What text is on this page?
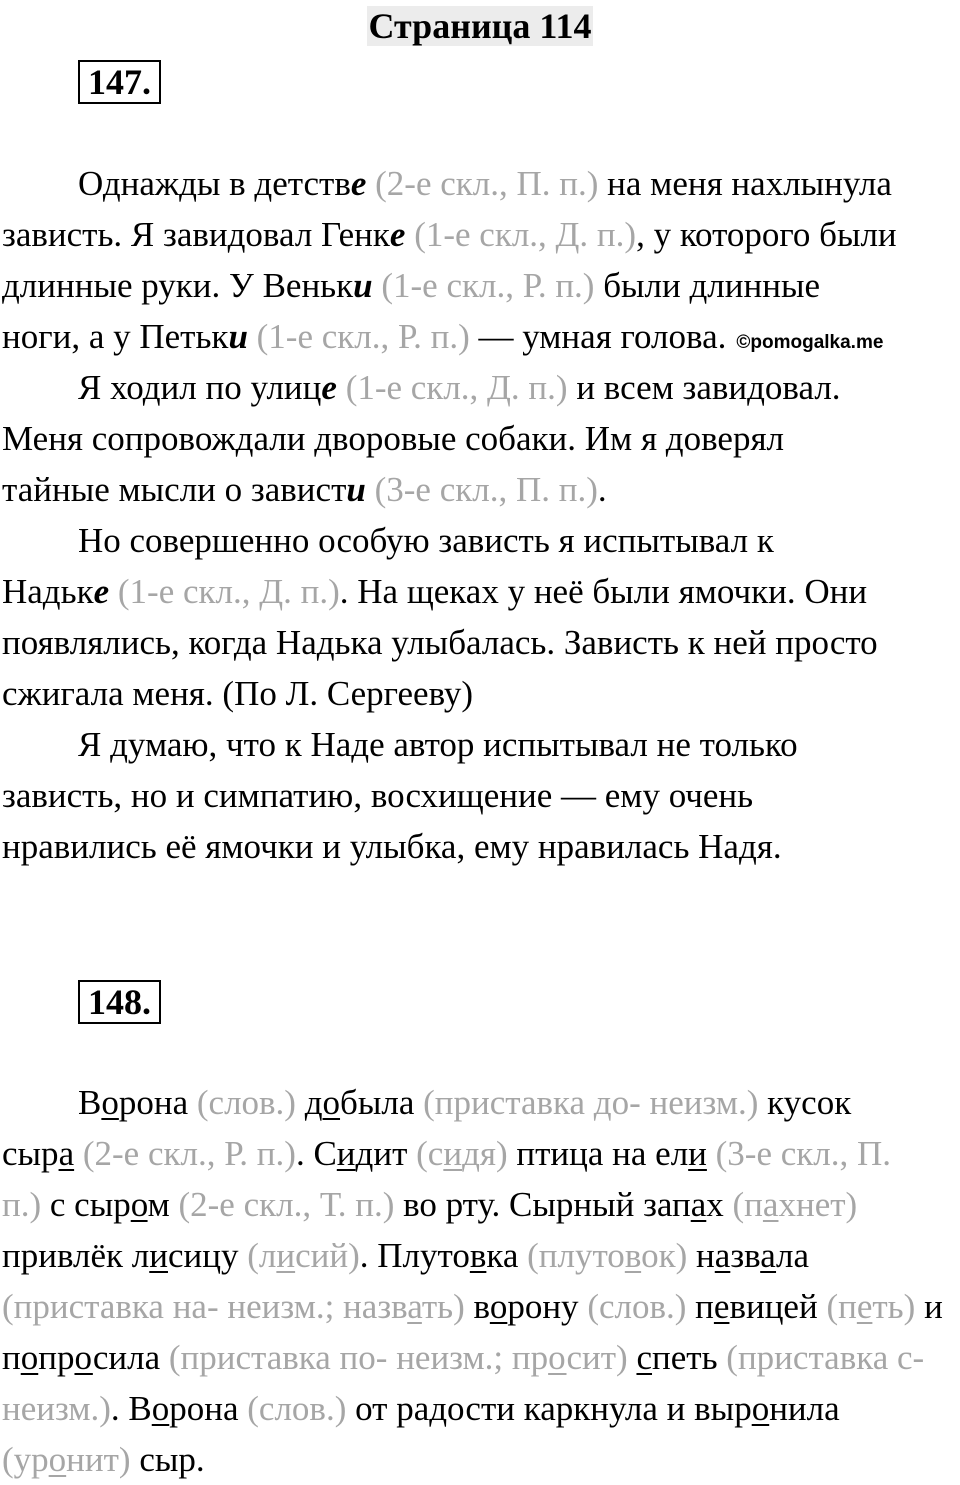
Страница 114
147.
Однажды в детстве (2-е скл., П. п.) на меня нахлынула
зависть. Я завидовал Генке (1-е скл., Д. п.), у которого были
длинные руки. У Веньки (1-е скл., Р. п.) были длинные
ноги, а у Петьки (1-е скл., Р. п.) — умная голова. ©pomogalka.me
Я ходил по улице (1-е скл., Д. п.) и всем завидовал.
Меня сопровождали дворовые собаки. Им я доверял
тайные мысли о зависти (3-е скл., П. п.).
Но совершенно особую зависть я испытывал к
Надьке (1-е скл., Д. п.). На щеках у неё были ямочки. Они
появлялись, когда Надька улыбалась. Зависть к ней просто
сжигала меня. (По Л. Сергееву)
Я думаю, что к Наде автор испытывал не только
зависть, но и симпатию, восхищение — ему очень
нравились её ямочки и улыбка, ему нравилась Надя.
148.
Ворона (слов.) добыла (приставка до- неизм.) кусок
сыра (2-е скл., Р. п.). Сидит (сидя) птица на ели (3-е скл., П.
п.) с сыром (2-е скл., Т. п.) во рту. Сырный запах (пахнет)
привлёк лисицу (лисий). Плутовка (плутовок) назвала
(приставка на- неизм.; назвать) ворону (слов.) певицей (петь) и
попросила (приставка по- неизм.; просит) спеть (приставка с-
неизм.). Ворона (слов.) от радости каркнула и выронила
(уронит) сыр.
